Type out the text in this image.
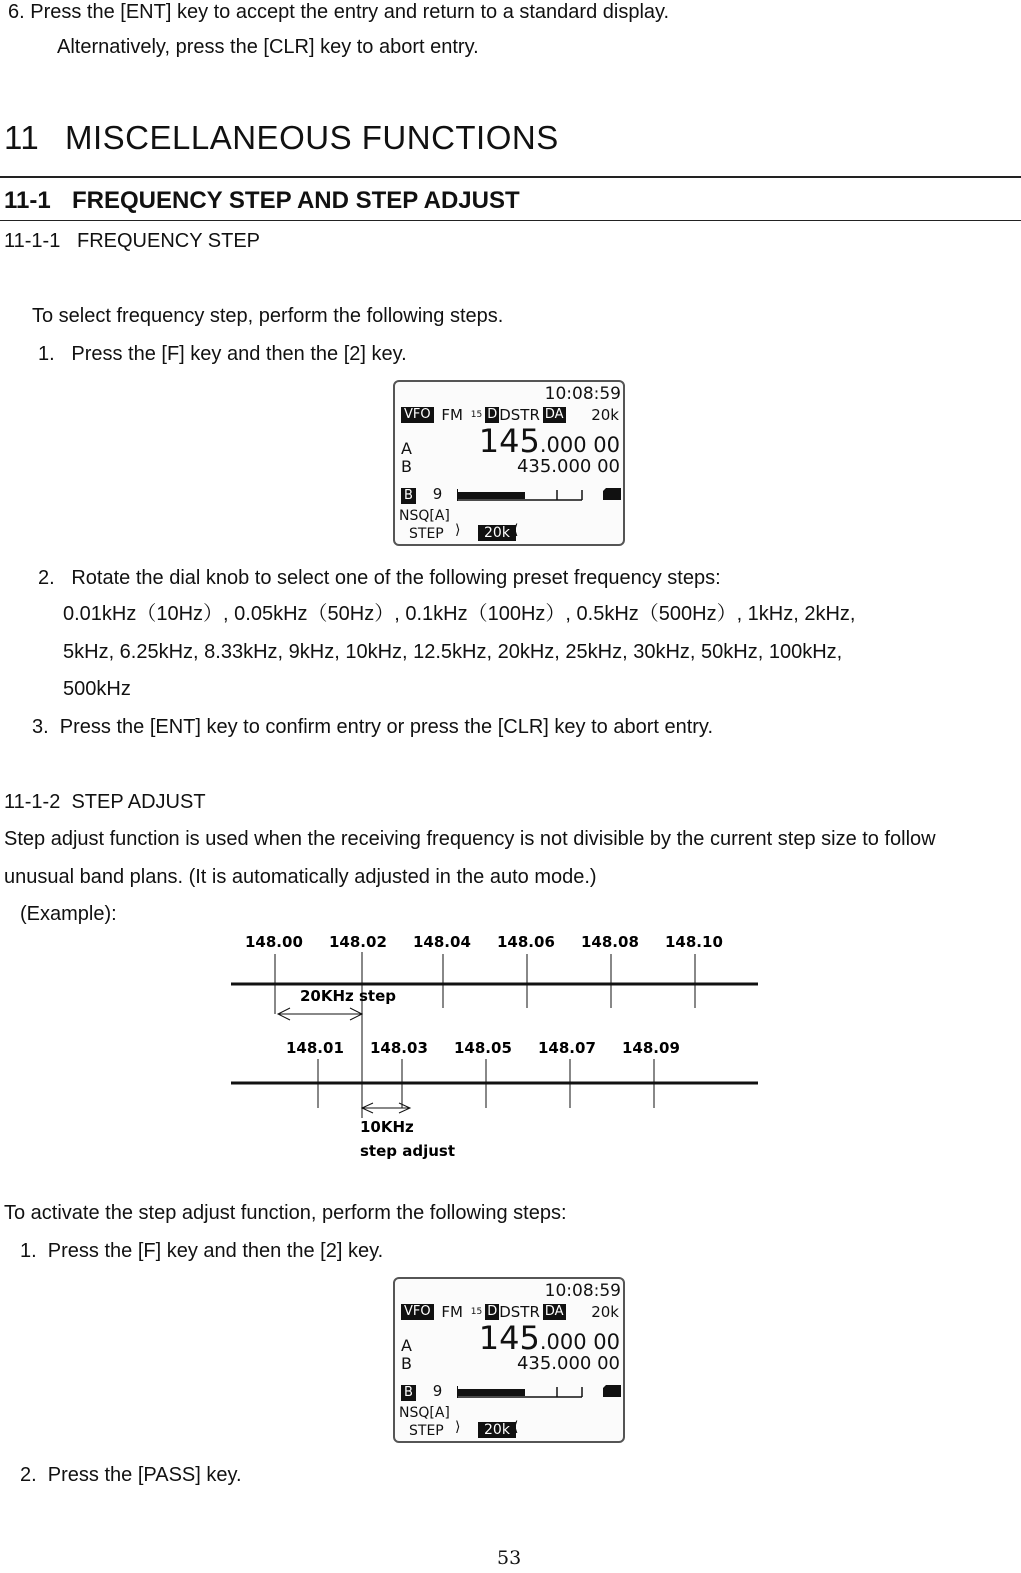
6. Press the [ENT] key to accept the entry and return to a standard display.
Alternatively, press the [CLR] key to abort entry.
11 MISCELLANEOUS FUNCTIONS
11-1 FREQUENCY STEP AND STEP ADJUST
11-1-1   FREQUENCY STEP
To select frequency step, perform the following steps.
1.   Press the [F] key and then the [2] key.
10:08:59
VFO FM 15 D DSTR DA	20k
A
B
145.000 00
435.000 00
B 9
NSQ[A]
STEP ⟩	20k ⟨
2.   Rotate the dial knob to select one of the following preset frequency steps:
0.01kHz（10Hz）, 0.05kHz（50Hz）, 0.1kHz（100Hz）, 0.5kHz（500Hz）, 1kHz, 2kHz,
5kHz, 6.25kHz, 8.33kHz, 9kHz, 10kHz, 12.5kHz, 20kHz, 25kHz, 30kHz, 50kHz, 100kHz,
500kHz
3.  Press the [ENT] key to confirm entry or press the [CLR] key to abort entry.
11-1-2  STEP ADJUST
Step adjust function is used when the receiving frequency is not divisible by the current step size to follow
unusual band plans. (It is automatically adjusted in the auto mode.)
(Example):
148.00 148.02 148.04 148.06 148.08 148.10
148.01 148.03 148.05 148.07 148.09
20KHz step
10KHz
step adjust
To activate the step adjust function, perform the following steps:
1.  Press the [F] key and then the [2] key.
10:08:59
VFO FM 15 D DSTR DA	20k
A
B
145.000 00
435.000 00
B 9
NSQ[A]
STEP ⟩	20k ⟨
2.  Press the [PASS] key.
53
